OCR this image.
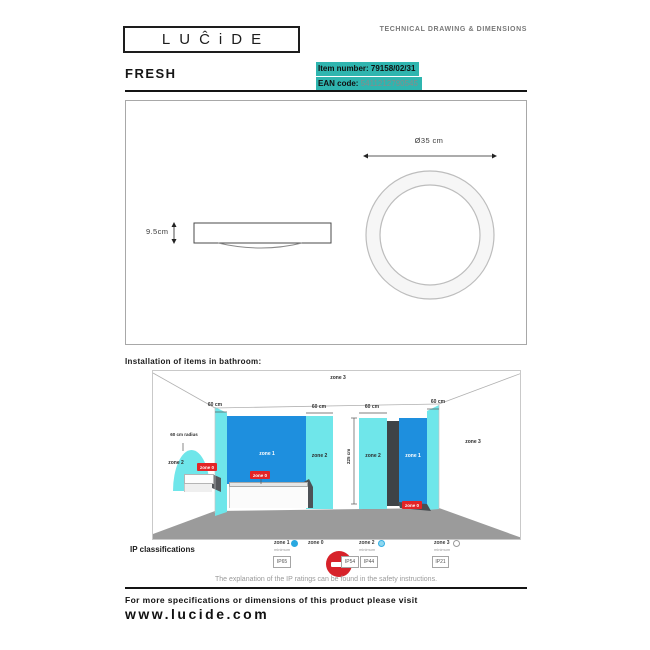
LUĈiDE
TECHNICAL DRAWING & DIMENSIONS
FRESH	Item number: 79158/02/31
EAN code: 5411212790545
9.5cm
Ø35 cm
Installation of items in bathroom:
zone 3
60 cm	60 cm	60 cm
60 cm
zone 1	zone 1
zone 2	zone 2
zone 2
zone 3
60 cm radius
225 cm
zone 0
zone 0
zone 0
IP classifications
zone 0
zone 1
minimum
IP65
zone 2
minimum
IP54 IP44
zone 3
minimum
IP21
The explanation of the IP ratings can be found in the safety instructions.
For more specifications or dimensions of this product please visit
www.lucide.com
